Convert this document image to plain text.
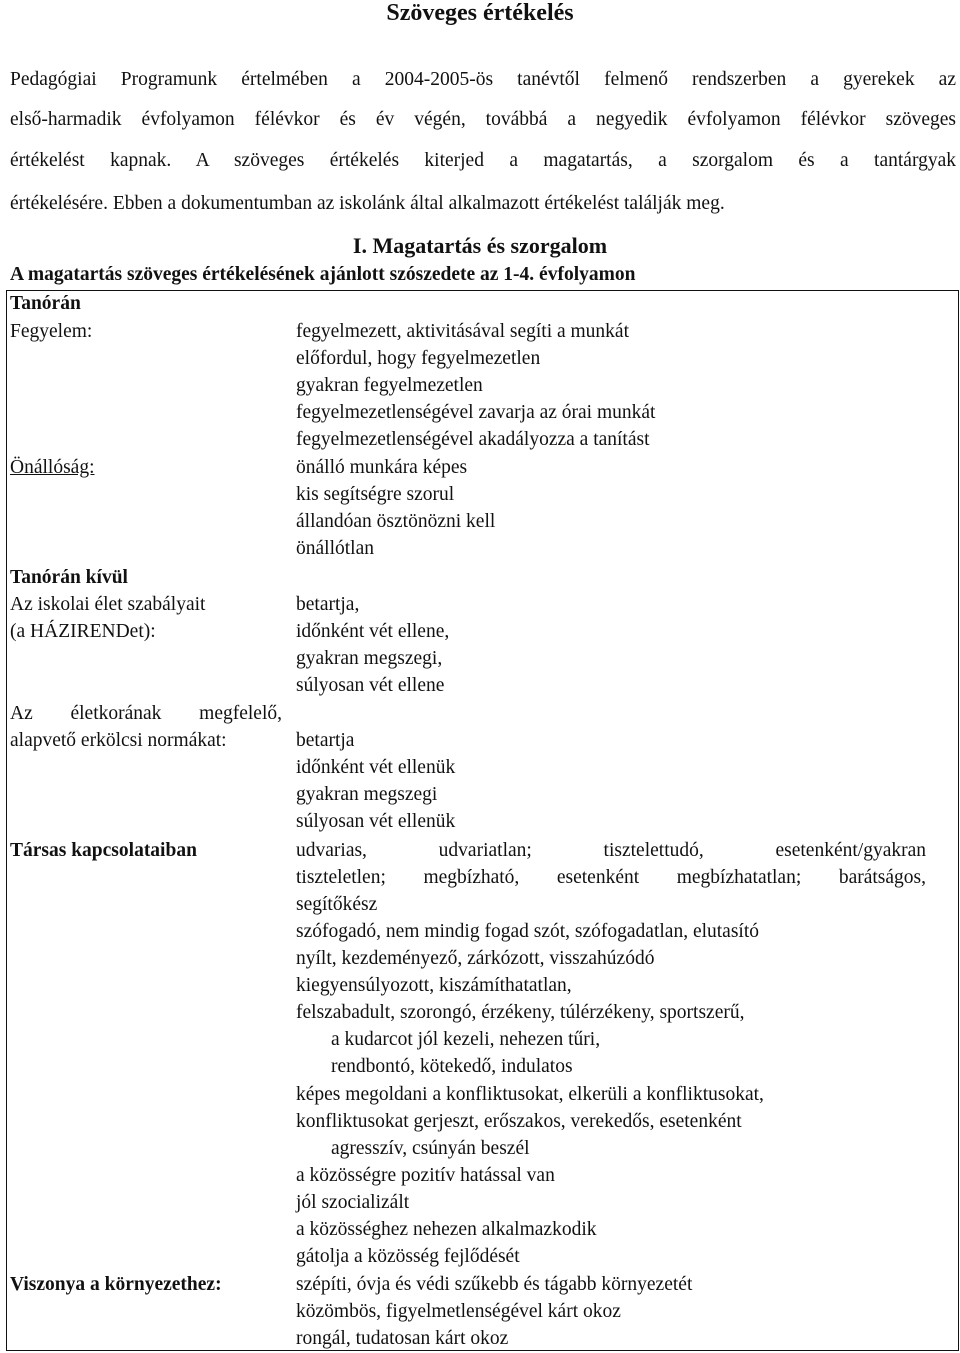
Szöveges értékelés
Pedagógiai Programunk értelmében a 2004-2005-ös tanévtől felmenő rendszerben a gyerekek az
első-harmadik évfolyamon félévkor és év végén, továbbá a negyedik évfolyamon félévkor szöveges
értékelést kapnak. A szöveges értékelés kiterjed a magatartás, a szorgalom és a tantárgyak
értékelésére. Ebben a dokumentumban az iskolánk által alkalmazott értékelést találják meg.
I. Magatartás és szorgalom
A magatartás szöveges értékelésének ajánlott szószedete az 1-4. évfolyamon
Tanórán
Fegyelem:	fegyelmezett, aktivitásával segíti a munkát
előfordul, hogy fegyelmezetlen
gyakran fegyelmezetlen
fegyelmezetlenségével zavarja az órai munkát
fegyelmezetlenségével akadályozza a tanítást
Önállóság:	önálló munkára képes
kis segítségre szorul
állandóan ösztönözni kell
önállótlan
Tanórán kívül
Az iskolai élet szabályait
(a HÁZIRENDet):
betartja,
időnként vét ellene,
gyakran megszegi,
súlyosan vét ellene
Az életkorának megfelelő,
alapvető erkölcsi normákat:	betartja
időnként vét ellenük
gyakran megszegi
súlyosan vét ellenük
Társas kapcsolataiban	udvarias, udvariatlan; tisztelettudó, esetenként/gyakran
tiszteletlen; megbízható, esetenként megbízhatatlan; barátságos,
segítőkész
szófogadó, nem mindig fogad szót, szófogadatlan, elutasító
nyílt, kezdeményező, zárkózott, visszahúzódó
kiegyensúlyozott, kiszámíthatatlan,
felszabadult, szorongó, érzékeny, túlérzékeny, sportszerű,
a kudarcot jól kezeli, nehezen tűri,
rendbontó, kötekedő, indulatos
képes megoldani a konfliktusokat, elkerüli a konfliktusokat,
konfliktusokat gerjeszt, erőszakos, verekedős, esetenként
agresszív, csúnyán beszél
a közösségre pozitív hatással van
jól szocializált
a közösséghez nehezen alkalmazkodik
gátolja a közösség fejlődését
Viszonya a környezethez:	szépíti, óvja és védi szűkebb és tágabb környezetét
közömbös, figyelmetlenségével kárt okoz
rongál, tudatosan kárt okoz
